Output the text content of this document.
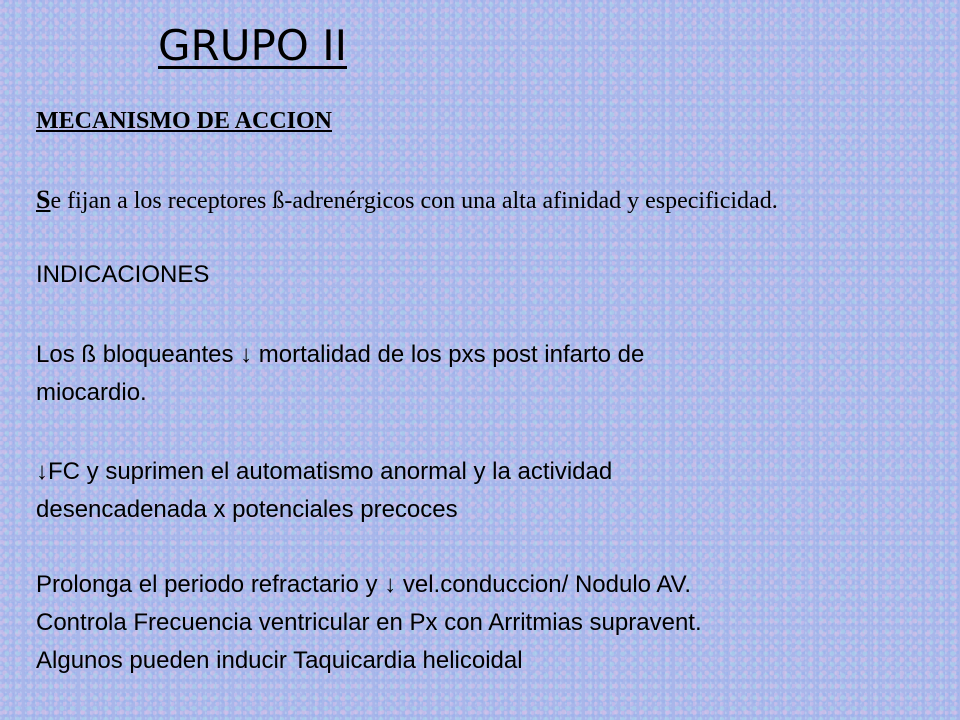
GRUPO II
MECANISMO DE ACCION

Se fijan a los receptores ß-adrenérgicos con una alta afinidad y especificidad.

INDICACIONES

Los ß bloqueantes ↓ mortalidad de los pxs post infarto de
miocardio.

↓FC y suprimen el automatismo anormal y la actividad
desencadenada x potenciales precoces

Prolonga el periodo refractario y ↓ vel.conduccion/ Nodulo AV.
Controla Frecuencia ventricular en Px con Arritmias supravent.
Algunos pueden inducir Taquicardia helicoidal
